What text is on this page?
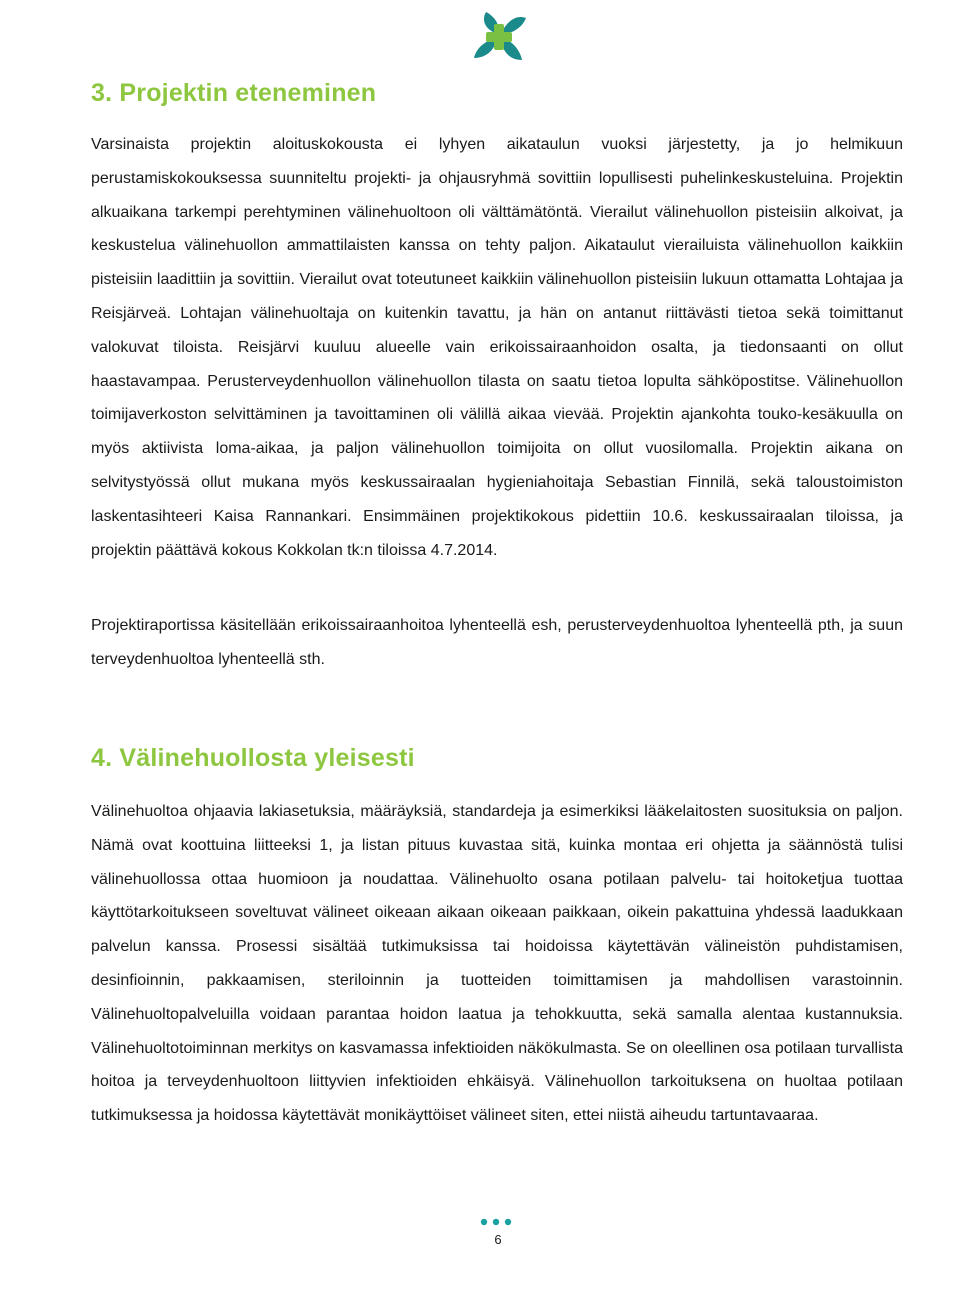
3. Projektin eteneminen

Varsinaista projektin aloituskokousta ei lyhyen aikataulun vuoksi järjestetty, ja jo helmikuun perustamiskokouksessa suunniteltu projekti- ja ohjausryhmä sovittiin lopullisesti puhelinkeskusteluina. Projektin alkuaikana tarkempi perehtyminen välinehuoltoon oli välttämätöntä. Vierailut välinehuollon pisteisiin alkoivat, ja keskustelua välinehuollon ammattilaisten kanssa on tehty paljon. Aikataulut vierailuista välinehuollon kaikkiin pisteisiin laadittiin ja sovittiin. Vierailut ovat toteutuneet kaikkiin välinehuollon pisteisiin lukuun ottamatta Lohtajaa ja Reisjärveä. Lohtajan välinehuoltaja on kuitenkin tavattu, ja hän on antanut riittävästi tietoa sekä toimittanut valokuvat tiloista. Reisjärvi kuuluu alueelle vain erikoissairaanhoidon osalta, ja tiedonsaanti on ollut haastavampaa. Perusterveydenhuollon välinehuollon tilasta on saatu tietoa lopulta sähköpostitse. Välinehuollon toimijaverkoston selvittäminen ja tavoittaminen oli välillä aikaa vievää. Projektin ajankohta touko-kesäkuulla on myös aktiivista loma-aikaa, ja paljon välinehuollon toimijoita on ollut vuosilomalla. Projektin aikana on selvitystyössä ollut mukana myös keskussairaalan hygieniahoitaja Sebastian Finnilä, sekä taloustoimiston laskentasihteeri Kaisa Rannankari. Ensimmäinen projektikokous pidettiin 10.6. keskussairaalan tiloissa, ja projektin päättävä kokous Kokkolan tk:n tiloissa 4.7.2014.

Projektiraportissa käsitellään erikoissairaanhoitoa lyhenteellä esh, perusterveydenhuoltoa lyhenteellä pth, ja suun terveydenhuoltoa lyhenteellä sth.

4. Välinehuollosta yleisesti

Välinehuoltoa ohjaavia lakiasetuksia, määräyksiä, standardeja ja esimerkiksi lääkelaitosten suosituksia on paljon. Nämä ovat koottuina liitteeksi 1, ja listan pituus kuvastaa sitä, kuinka montaa eri ohjetta ja säännöstä tulisi välinehuollossa ottaa huomioon ja noudattaa. Välinehuolto osana potilaan palvelu- tai hoitoketjua tuottaa käyttötarkoitukseen soveltuvat välineet oikeaan aikaan oikeaan paikkaan, oikein pakattuina yhdessä laadukkaan palvelun kanssa. Prosessi sisältää tutkimuksissa tai hoidoissa käytettävän välineistön puhdistamisen, desinfioinnin, pakkaamisen, steriloinnin ja tuotteiden toimittamisen ja mahdollisen varastoinnin. Välinehuoltopalveluilla voidaan parantaa hoidon laatua ja tehokkuutta, sekä samalla alentaa kustannuksia. Välinehuoltotoiminnan merkitys on kasvamassa infektioiden näkökulmasta. Se on oleellinen osa potilaan turvallista hoitoa ja terveydenhuoltoon liittyvien infektioiden ehkäisyä. Välinehuollon tarkoituksena on huoltaa potilaan tutkimuksessa ja hoidossa käytettävät monikäyttöiset välineet siten, ettei niistä aiheudu tartuntavaaraa.

6
